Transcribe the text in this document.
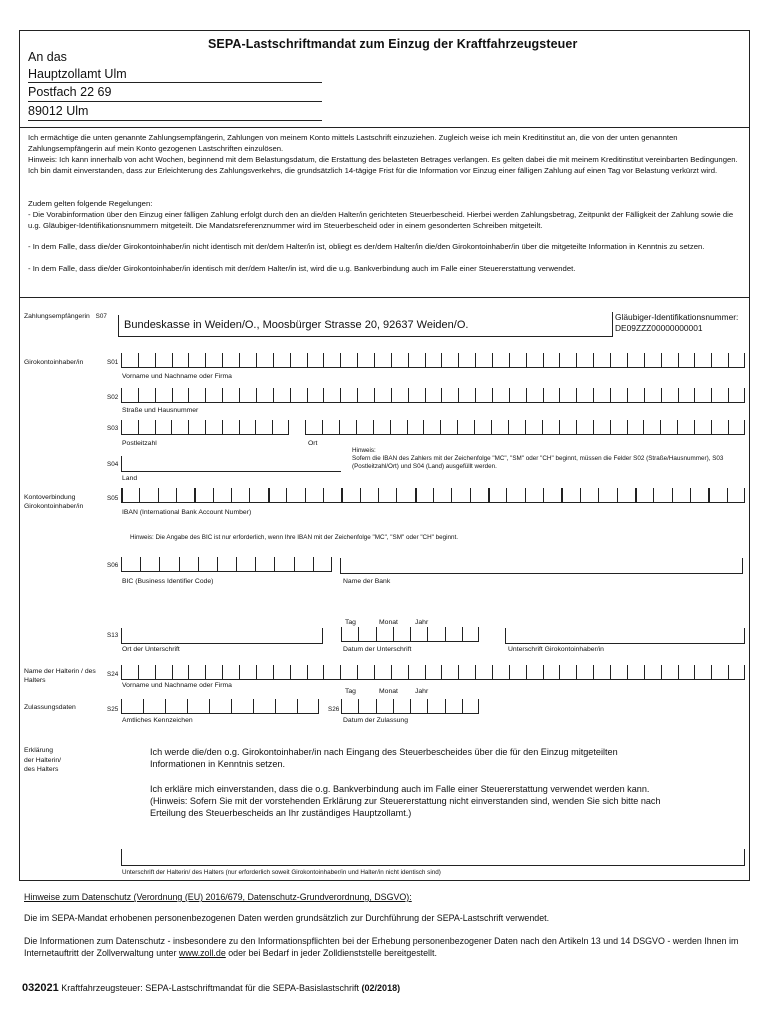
SEPA-Lastschriftmandat zum Einzug der Kraftfahrzeugsteuer
An das
Hauptzollamt Ulm
Postfach 22 69
89012 Ulm
Ich ermächtige die unten genannte Zahlungsempfängerin, Zahlungen von meinem Konto mittels Lastschrift einzuziehen. Zugleich weise ich mein Kreditinstitut an, die von der unten genannten Zahlungsempfängerin auf mein Konto gezogenen Lastschriften einzulösen.
Hinweis: Ich kann innerhalb von acht Wochen, beginnend mit dem Belastungsdatum, die Erstattung des belasteten Betrages verlangen. Es gelten dabei die mit meinem Kreditinstitut vereinbarten Bedingungen. Ich bin damit einverstanden, dass zur Erleichterung des Zahlungsverkehrs, die grundsätzlich 14-tägige Frist für die Information vor Einzug einer fälligen Zahlung auf einen Tag vor Belastung verkürzt wird.
Zudem gelten folgende Regelungen:
- Die Vorabinformation über den Einzug einer fälligen Zahlung erfolgt durch den an die/den Halter/in gerichteten Steuerbescheid. Hierbei werden Zahlungsbetrag, Zeitpunkt der Fälligkeit der Zahlung sowie die u.g. Gläubiger-Identifikationsnummern mitgeteilt. Die Mandatsreferenznummer wird im Steuerbescheid oder in einem gesonderten Schreiben mitgeteilt.
- In dem Falle, dass die/der Girokontoinhaber/in nicht identisch mit der/dem Halter/in ist, obliegt es der/dem Halter/in die/den Girokontoinhaber/in über die mitgeteilte Information in Kenntnis zu setzen.
- In dem Falle, dass die/der Girokontoinhaber/in identisch mit der/dem Halter/in ist, wird die u.g. Bankverbindung auch im Falle einer Steuererstattung verwendet.
Zahlungsempfängerin S07
Bundeskasse in Weiden/O., Moosbürger Strasse 20, 92637 Weiden/O.
Gläubiger-Identifikationsnummer:
DE09ZZZ00000000001
Girokontoinhaber/in	S01
Vorname und Nachname oder Firma
S02
Straße und Hausnummer
S03
Postleitzahl	Ort
S04
Land
Hinweis:
Sofern die IBAN des Zahlers mit der Zeichenfolge "MC", "SM" oder "CH" beginnt, müssen die Felder S02 (Straße/Hausnummer), S03 (Postleitzahl/Ort) und S04 (Land) ausgefüllt werden.
Kontoverbindung Girokontoinhaber/in
S05
IBAN (International Bank Account Number)
Hinweis: Die Angabe des BIC ist nur erforderlich, wenn Ihre IBAN mit der Zeichenfolge "MC", "SM" oder "CH" beginnt.
S06
BIC (Business Identifier Code)	Name der Bank
Tag	Monat	Jahr
S13
Ort der Unterschrift	Datum der Unterschrift	Unterschrift Girokontoinhaber/in
Name der Halterin / des Halters
S24
Vorname und Nachname oder Firma
Tag	Monat	Jahr
Zulassungsdaten	S25	S26
Amtliches Kennzeichen	Datum der Zulassung
Erklärung
der Halterin/
des Halters
Ich werde die/den o.g. Girokontoinhaber/in nach Eingang des Steuerbescheides über die für den Einzug mitgeteilten Informationen in Kenntnis setzen.
Ich erkläre mich einverstanden, dass die o.g. Bankverbindung auch im Falle einer Steuererstattung verwendet werden kann. (Hinweis: Sofern Sie mit der vorstehenden Erklärung zur Steuererstattung nicht einverstanden sind, wenden Sie sich bitte nach Erteilung des Steuerbescheids an Ihr zuständiges Hauptzollamt.)
Unterschrift der Halterin/ des Halters (nur erforderlich soweit Girokontoinhaber/in und Halter/in nicht identisch sind)
Hinweise zum Datenschutz (Verordnung (EU) 2016/679, Datenschutz-Grundverordnung, DSGVO):
Die im SEPA-Mandat erhobenen personenbezogenen Daten werden grundsätzlich zur Durchführung der SEPA-Lastschrift verwendet.
Die Informationen zum Datenschutz - insbesondere zu den Informationspflichten bei der Erhebung personenbezogener Daten nach den Artikeln 13 und 14 DSGVO - werden Ihnen im Internetauftritt der Zollverwaltung unter www.zoll.de oder bei Bedarf in jeder Zolldienststelle bereitgestellt.
032021 Kraftfahrzeugsteuer: SEPA-Lastschriftmandat für die SEPA-Basislastschrift (02/2018)
